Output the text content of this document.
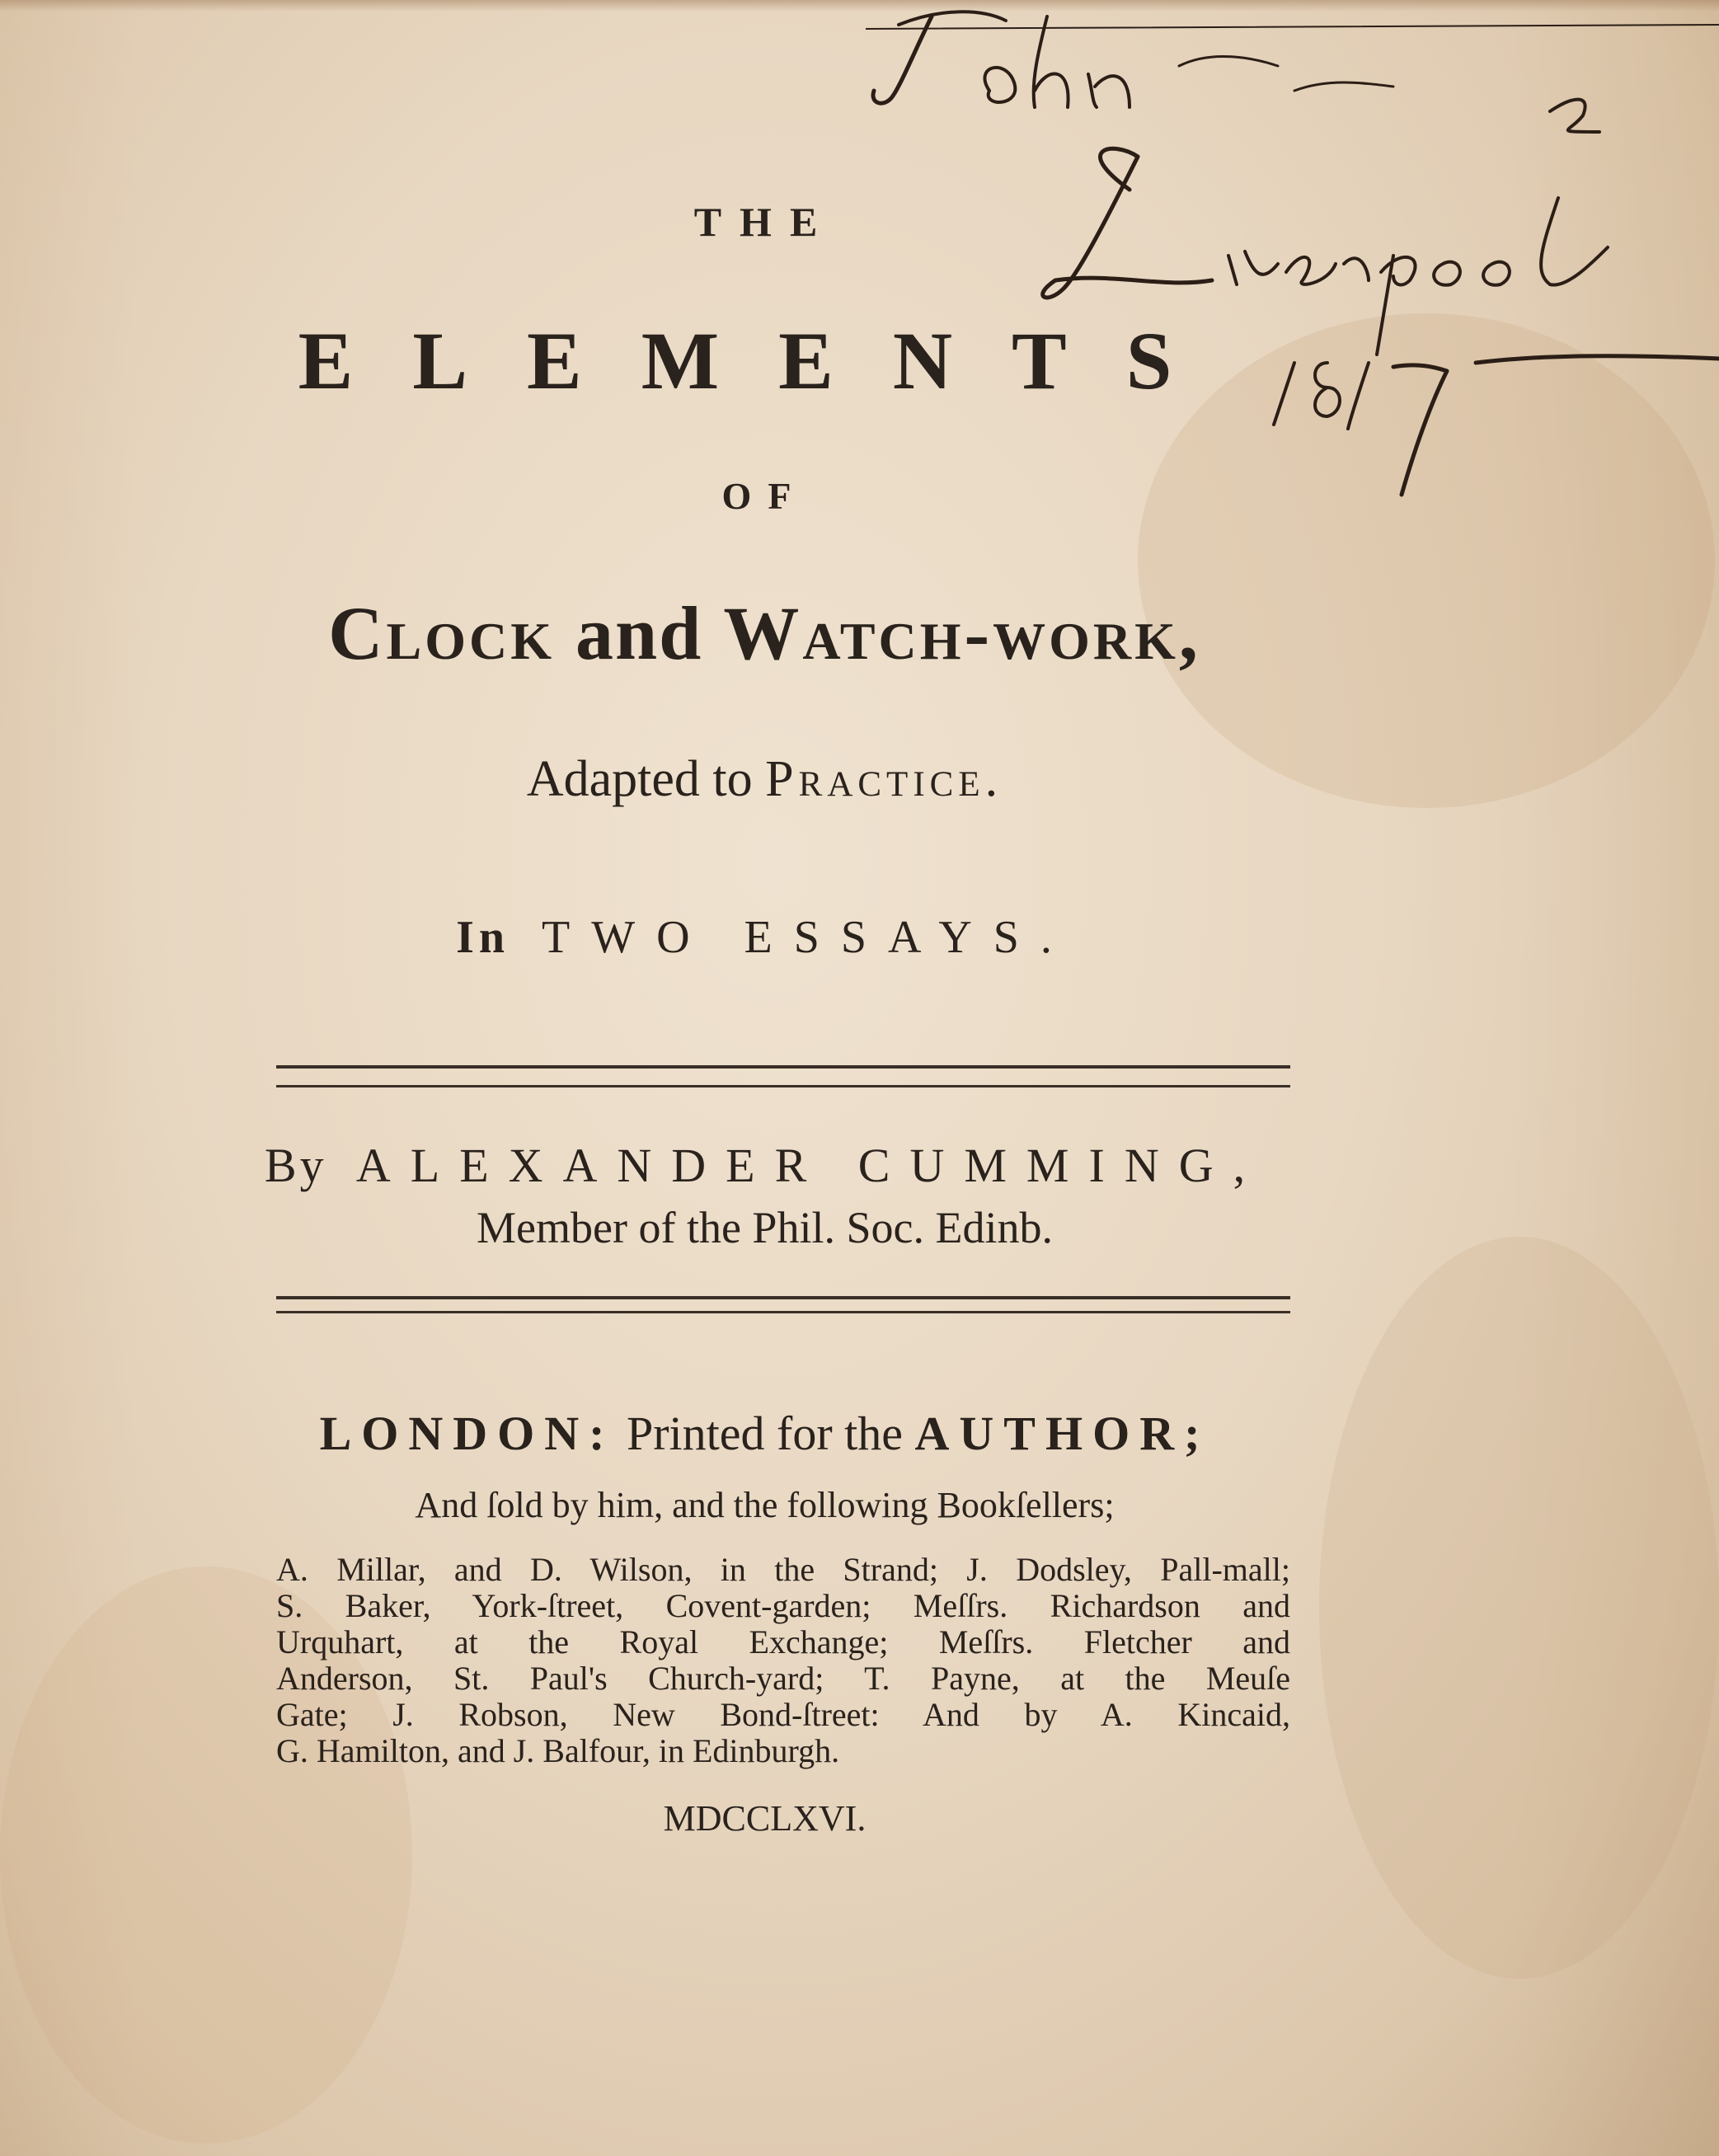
THE
ELEMENTS
OF
Clock and Watch-work,
Adapted to Practice.
In TWO ESSAYS.
By ALEXANDER CUMMING,
Member of the Phil. Soc. Edinb.
LONDON: Printed for the AUTHOR;
And ſold by him, and the following Bookſellers;
A. Millar, and D. Wilson, in the Strand; J. Dodsley, Pall-mall;
S. Baker, York-ſtreet, Covent-garden; Meſſrs. Richardson and
Urquhart, at the Royal Exchange; Meſſrs. Fletcher and
Anderson, St. Paul's Church-yard; T. Payne, at the Meuſe
Gate; J. Robson, New Bond-ſtreet: And by A. Kincaid,
G. Hamilton, and J. Balfour, in Edinburgh.
MDCCLXVI.
